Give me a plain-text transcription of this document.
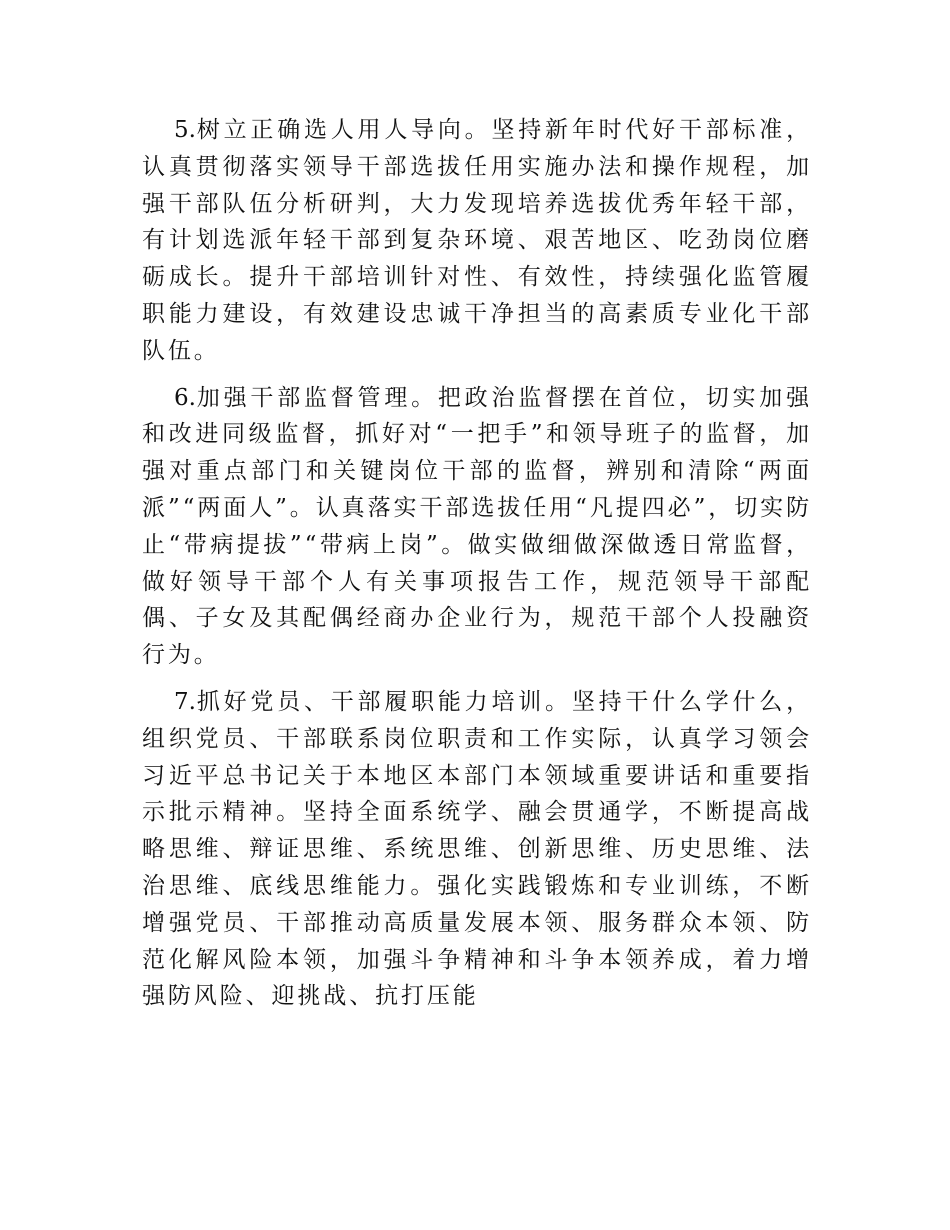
5.树立正确选人用人导向。坚持新年时代好干部标准，认真贯彻落实领导干部选拔任用实施办法和操作规程，加强干部队伍分析研判，大力发现培养选拔优秀年轻干部，有计划选派年轻干部到复杂环境、艰苦地区、吃劲岗位磨砺成长。提升干部培训针对性、有效性，持续强化监管履职能力建设，有效建设忠诚干净担当的高素质专业化干部队伍。

6.加强干部监督管理。把政治监督摆在首位，切实加强和改进同级监督，抓好对“一把手”和领导班子的监督，加强对重点部门和关键岗位干部的监督，辨别和清除“两面派”“两面人”。认真落实干部选拔任用“凡提四必”，切实防止“带病提拔”“带病上岗”。做实做细做深做透日常监督，做好领导干部个人有关事项报告工作，规范领导干部配偶、子女及其配偶经商办企业行为，规范干部个人投融资行为。

7.抓好党员、干部履职能力培训。坚持干什么学什么，组织党员、干部联系岗位职责和工作实际，认真学习领会习近平总书记关于本地区本部门本领域重要讲话和重要指示批示精神。坚持全面系统学、融会贯通学，不断提高战略思维、辩证思维、系统思维、创新思维、历史思维、法治思维、底线思维能力。强化实践锻炼和专业训练，不断增强党员、干部推动高质量发展本领、服务群众本领、防范化解风险本领，加强斗争精神和斗争本领养成，着力增强防风险、迎挑战、抗打压能
